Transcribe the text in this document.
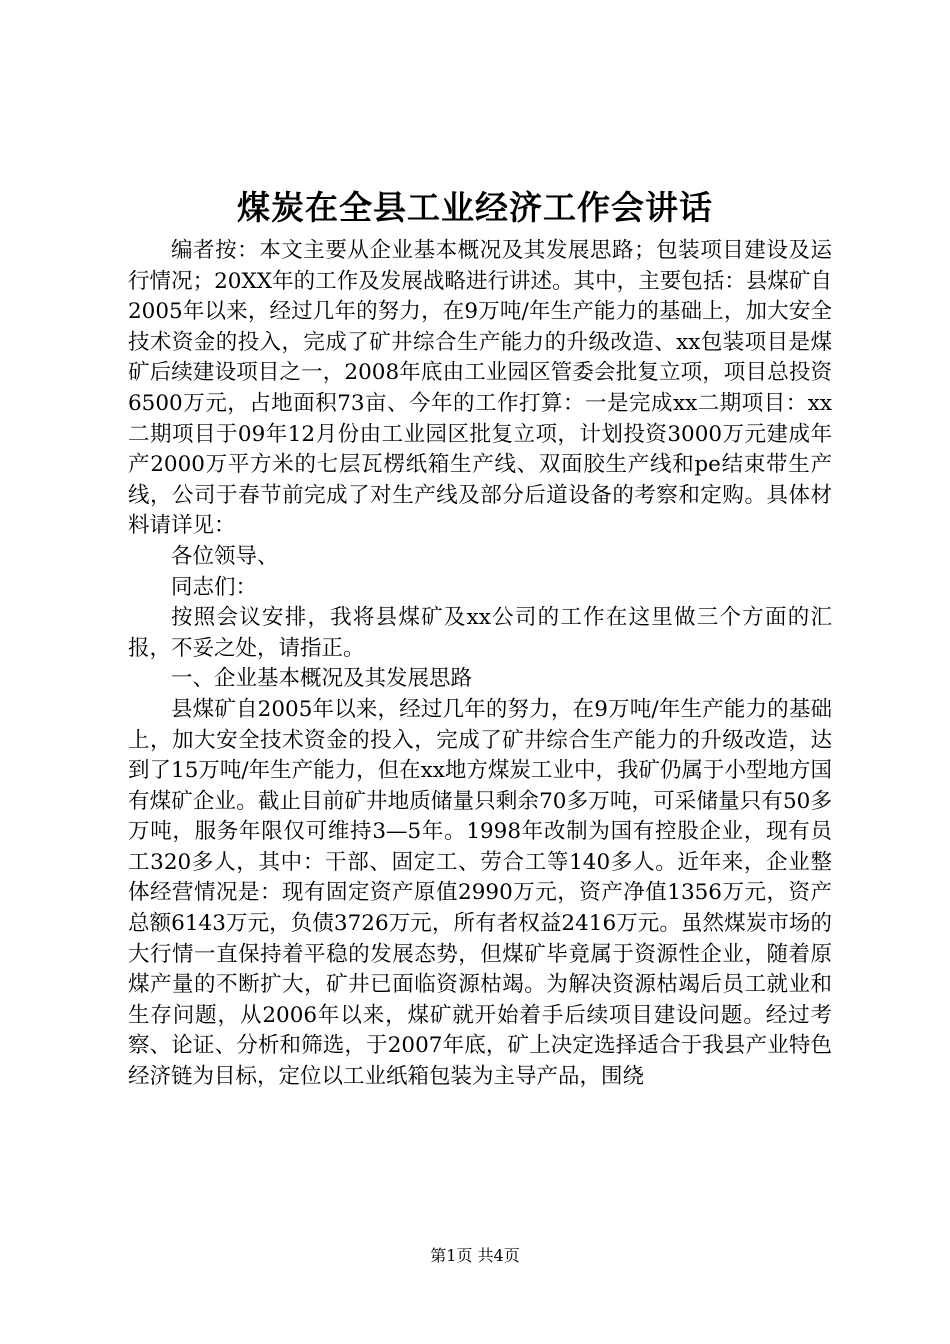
煤炭在全县工业经济工作会讲话

编者按：本文主要从企业基本概况及其发展思路；包装项目建设及运行情况；20XX年的工作及发展战略进行讲述。其中，主要包括：县煤矿自2005年以来，经过几年的努力，在9万吨/年生产能力的基础上，加大安全技术资金的投入，完成了矿井综合生产能力的升级改造、xx包装项目是煤矿后续建设项目之一，2008年底由工业园区管委会批复立项，项目总投资6500万元，占地面积73亩、今年的工作打算：一是完成xx二期项目：xx二期项目于09年12月份由工业园区批复立项，计划投资3000万元建成年产2000万平方米的七层瓦楞纸箱生产线、双面胶生产线和pe结束带生产线，公司于春节前完成了对生产线及部分后道设备的考察和定购。具体材料请详见：

各位领导、

同志们：

按照会议安排，我将县煤矿及xx公司的工作在这里做三个方面的汇报，不妥之处，请指正。

一、企业基本概况及其发展思路

县煤矿自2005年以来，经过几年的努力，在9万吨/年生产能力的基础上，加大安全技术资金的投入，完成了矿井综合生产能力的升级改造，达到了15万吨/年生产能力，但在xx地方煤炭工业中，我矿仍属于小型地方国有煤矿企业。截止目前矿井地质储量只剩余70多万吨，可采储量只有50多万吨，服务年限仅可维持3—5年。1998年改制为国有控股企业，现有员工320多人，其中：干部、固定工、劳合工等140多人。近年来，企业整体经营情况是：现有固定资产原值2990万元，资产净值1356万元，资产总额6143万元，负债3726万元，所有者权益2416万元。虽然煤炭市场的大行情一直保持着平稳的发展态势，但煤矿毕竟属于资源性企业，随着原煤产量的不断扩大，矿井已面临资源枯竭。为解决资源枯竭后员工就业和生存问题，从2006年以来，煤矿就开始着手后续项目建设问题。经过考察、论证、分析和筛选，于2007年底，矿上决定选择适合于我县产业特色经济链为目标，定位以工业纸箱包装为主导产品，围绕

第1页 共4页
